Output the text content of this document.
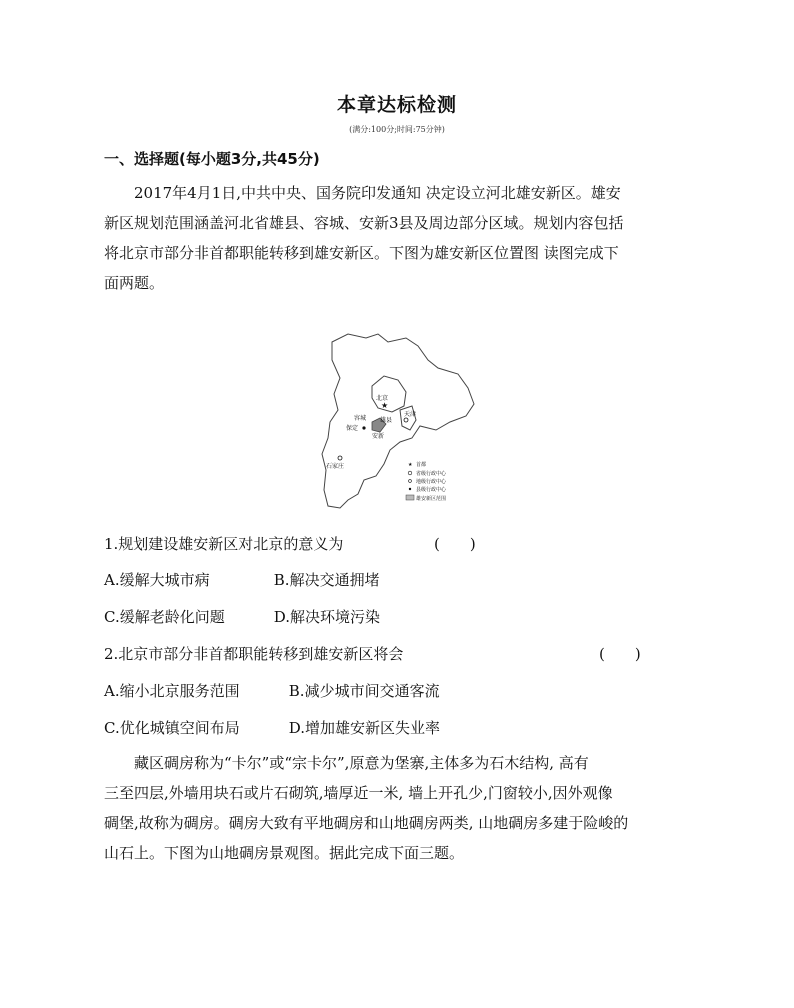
本章达标检测
(满分:100分;时间:75分钟)
一、选择题(每小题3分,共45分)
2017年4月1日,中共中央、国务院印发通知 决定设立河北雄安新区。雄安
新区规划范围涵盖河北省雄县、容城、安新3县及周边部分区域。规划内容包括
将北京市部分非首都职能转移到雄安新区。下图为雄安新区位置图 读图完成下
面两题。
★
北京
天津
容城 雄县
保定
安新
石家庄	★ 首都
省级行政中心
地级行政中心
县级行政中心
雄安新区范围
1.规划建设雄安新区对北京的意义为	(　　)
A.缓解大城市病	B.解决交通拥堵
C.缓解老龄化问题	D.解决环境污染
2.北京市部分非首都职能转移到雄安新区将会	(　　)
A.缩小北京服务范围	B.减少城市间交通客流
C.优化城镇空间布局	D.增加雄安新区失业率
藏区碉房称为“卡尔”或“宗卡尔”,原意为堡寨,主体多为石木结构, 高有
三至四层,外墙用块石或片石砌筑,墙厚近一米, 墙上开孔少,门窗较小,因外观像
碉堡,故称为碉房。碉房大致有平地碉房和山地碉房两类, 山地碉房多建于险峻的
山石上。下图为山地碉房景观图。据此完成下面三题。
